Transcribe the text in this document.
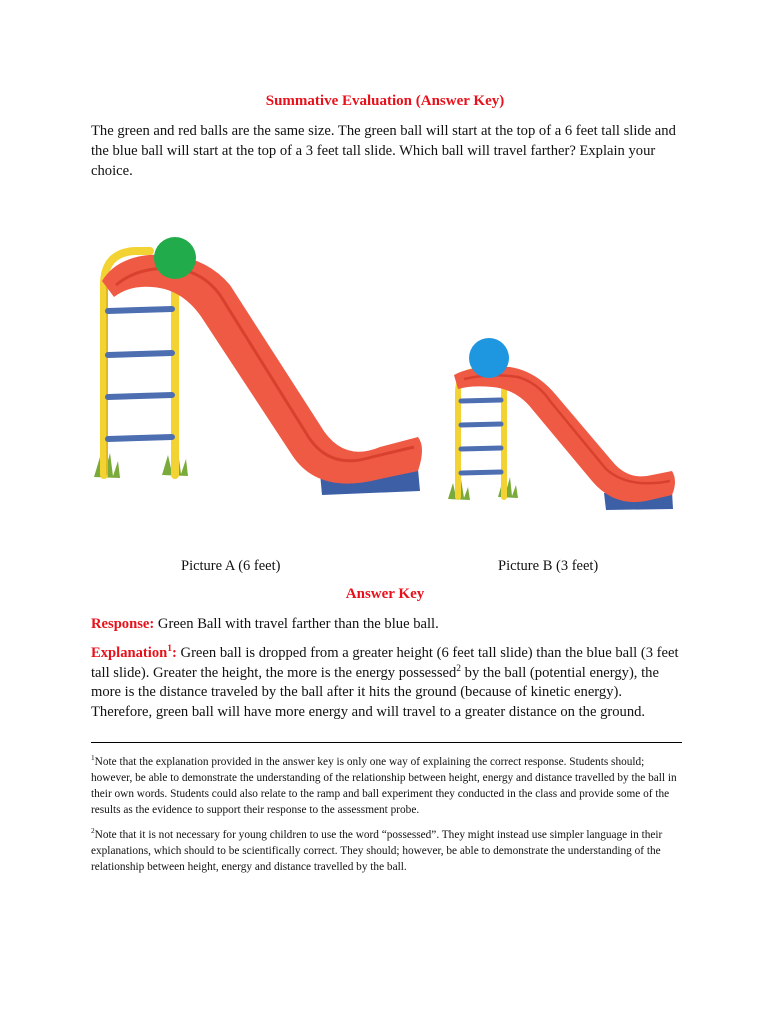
Summative Evaluation (Answer Key)
The green and red balls are the same size. The green ball will start at the top of a 6 feet tall slide and the blue ball will start at the top of a 3 feet tall slide. Which ball will travel farther? Explain your choice.
Picture A (6 feet)	Picture B (3 feet)
Answer Key
Response: Green Ball with travel farther than the blue ball.
Explanation$^1$: Green ball is dropped from a greater height (6 feet tall slide) than the blue ball (3 feet tall slide). Greater the height, the more is the energy possessed$^2$ by the ball (potential energy), the more is the distance traveled by the ball after it hits the ground (because of kinetic energy). Therefore, green ball will have more energy and will travel to a greater distance on the ground.
$^1$Note that the explanation provided in the answer key is only one way of explaining the correct response. Students should; however, be able to demonstrate the understanding of the relationship between height, energy and distance travelled by the ball in their own words. Students could also relate to the ramp and ball experiment they conducted in the class and provide some of the results as the evidence to support their response to the assessment probe.
$^2$Note that it is not necessary for young children to use the word “possessed”. They might instead use simpler language in their explanations, which should to be scientifically correct. They should; however, be able to demonstrate the understanding of the relationship between height, energy and distance travelled by the ball.
